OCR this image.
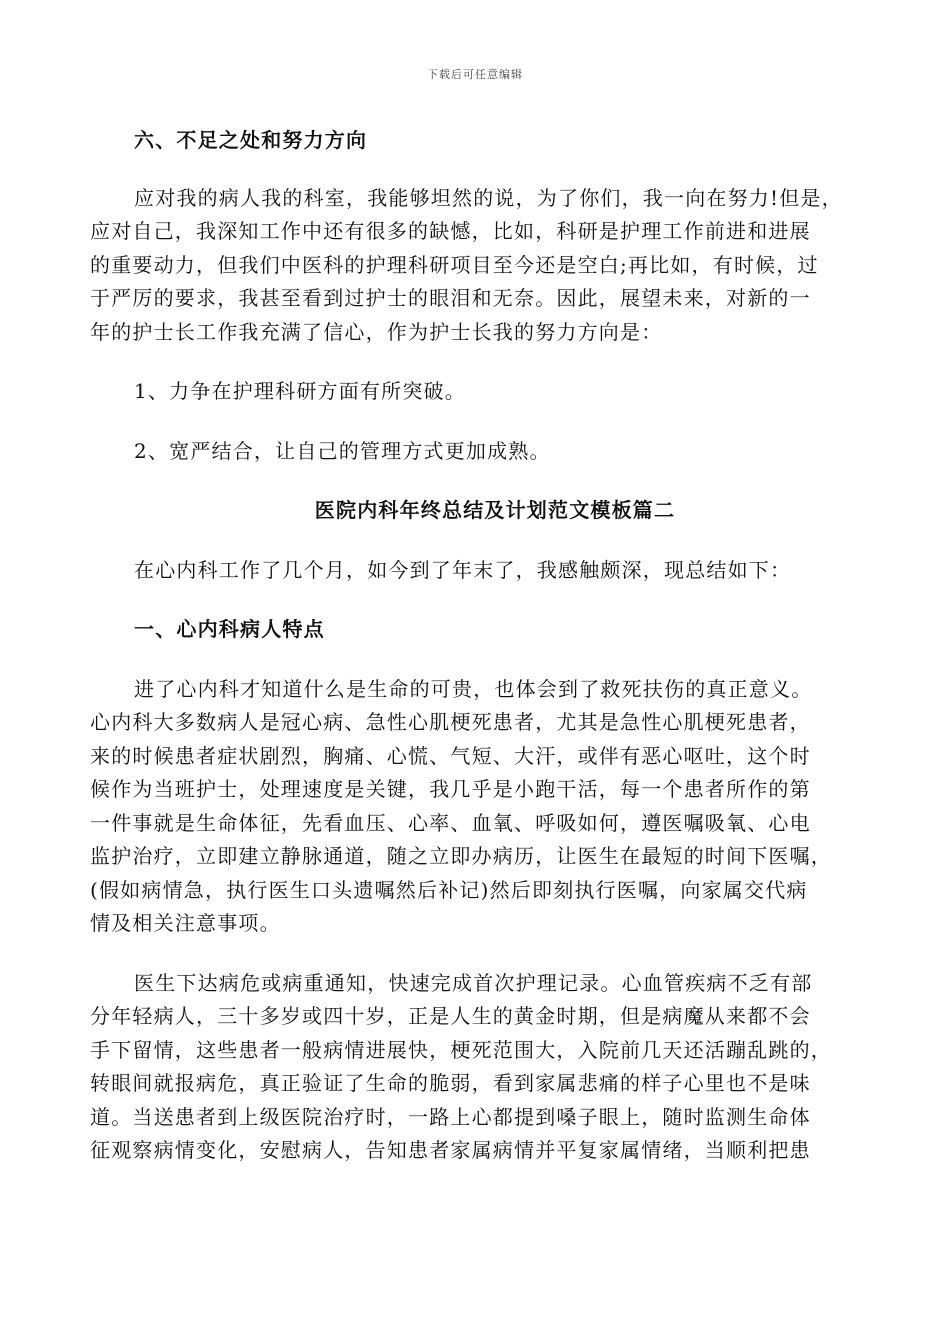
下载后可任意编辑

六、不足之处和努力方向

应对我的病人我的科室，我能够坦然的说，为了你们，我一向在努力!但是，
应对自己，我深知工作中还有很多的缺憾，比如，科研是护理工作前进和进展
的重要动力，但我们中医科的护理科研项目至今还是空白;再比如，有时候，过
于严厉的要求，我甚至看到过护士的眼泪和无奈。因此，展望未来，对新的一
年的护士长工作我充满了信心，作为护士长我的努力方向是：

1、力争在护理科研方面有所突破。

2、宽严结合，让自己的管理方式更加成熟。

医院内科年终总结及计划范文模板篇二

在心内科工作了几个月，如今到了年末了，我感触颇深，现总结如下：

一、心内科病人特点

进了心内科才知道什么是生命的可贵，也体会到了救死扶伤的真正意义。
心内科大多数病人是冠心病、急性心肌梗死患者，尤其是急性心肌梗死患者，
来的时候患者症状剧烈，胸痛、心慌、气短、大汗，或伴有恶心呕吐，这个时
候作为当班护士，处理速度是关键，我几乎是小跑干活，每一个患者所作的第
一件事就是生命体征，先看血压、心率、血氧、呼吸如何，遵医嘱吸氧、心电
监护治疗，立即建立静脉通道，随之立即办病历，让医生在最短的时间下医嘱，
(假如病情急，执行医生口头遗嘱然后补记)然后即刻执行医嘱，向家属交代病
情及相关注意事项。
医生下达病危或病重通知，快速完成首次护理记录。心血管疾病不乏有部
分年轻病人，三十多岁或四十岁，正是人生的黄金时期，但是病魔从来都不会
手下留情，这些患者一般病情进展快，梗死范围大，入院前几天还活蹦乱跳的，
转眼间就报病危，真正验证了生命的脆弱，看到家属悲痛的样子心里也不是味
道。当送患者到上级医院治疗时，一路上心都提到嗓子眼上，随时监测生命体
征观察病情变化，安慰病人，告知患者家属病情并平复家属情绪，当顺利把患
